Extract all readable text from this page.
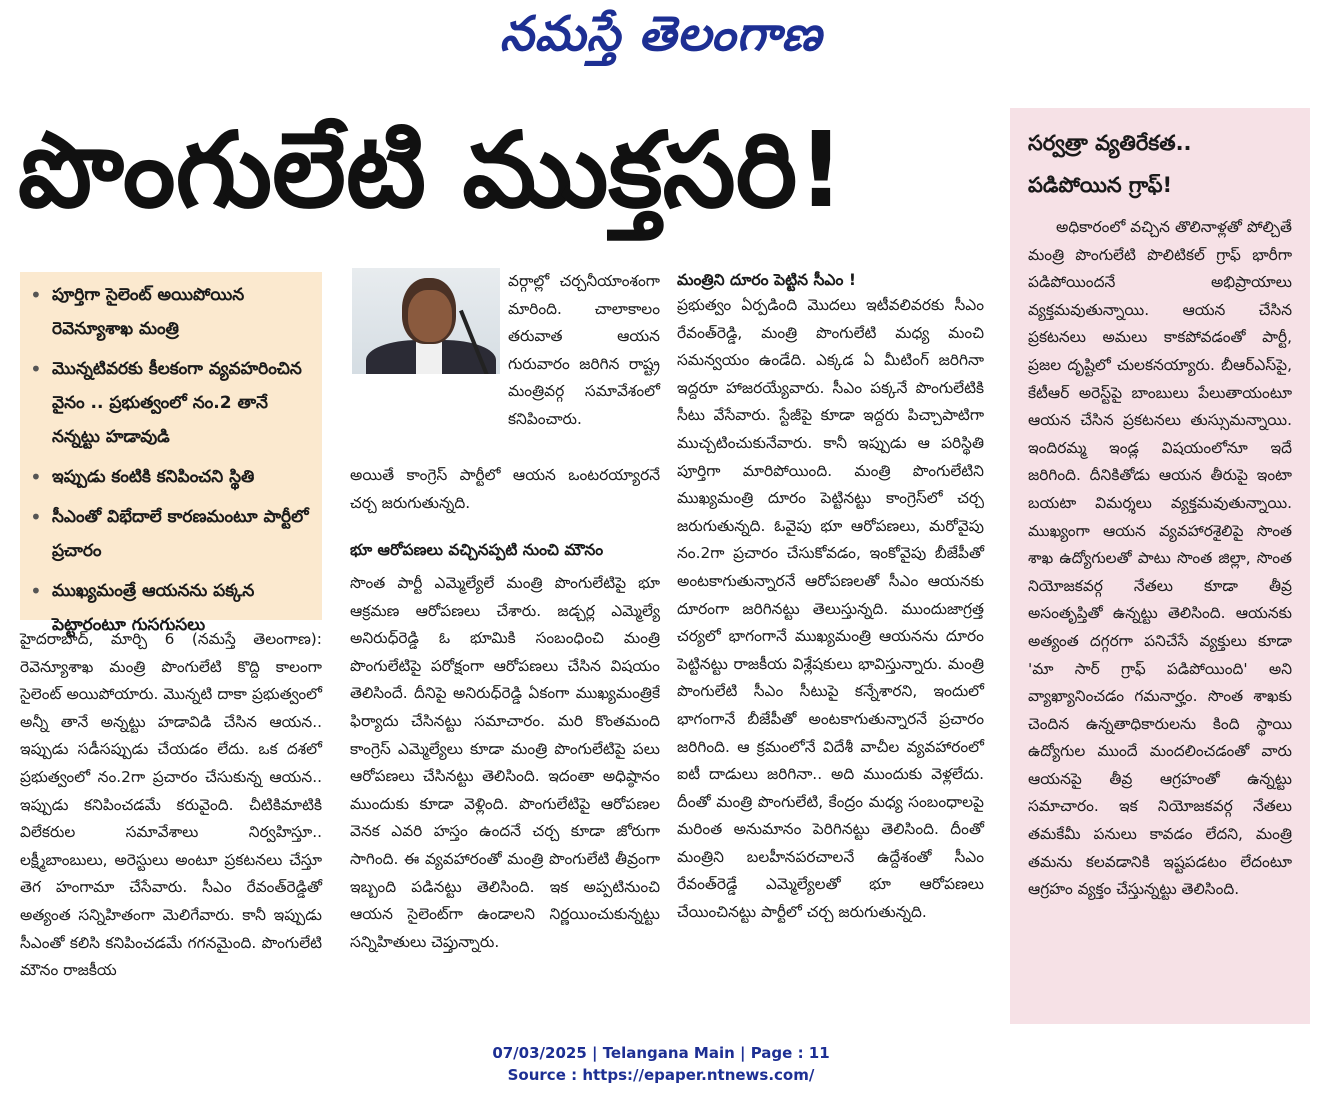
నమస్తే తెలంగాణ
పొంగులేటి ముక్తసరి!
• పూర్తిగా సైలెంట్ అయిపోయిన రెవెన్యూశాఖ మంత్రి
• మొన్నటివరకు కీలకంగా వ్యవహరించిన వైనం .. ప్రభుత్వంలో నం.2 తానే నన్నట్టు హడావుడి
• ఇప్పుడు కంటికి కనిపించని స్థితి
• సీఎంతో విభేదాలే కారణమంటూ పార్టీలో ప్రచారం
• ముఖ్యమంత్రే ఆయనను పక్కన పెట్టారంటూ గుసగుసలు

హైదరాబాద్, మార్చి 6 (నమస్తే తెలంగాణ): రెవెన్యూశాఖ మంత్రి పొంగులేటి కొద్ది కాలంగా సైలెంట్ అయిపోయారు. మొన్నటి దాకా ప్రభుత్వంలో అన్నీ తానే అన్నట్టు హడావిడి చేసిన ఆయన.. ఇప్పుడు సడీసప్పుడు చేయడం లేదు. ఒక దశలో ప్రభుత్వంలో నం.2గా ప్రచారం చేసుకున్న ఆయన.. ఇప్పుడు కనిపించడమే కరువైంది. చీటికిమాటికి విలేకరుల సమావేశాలు నిర్వహిస్తూ.. లక్ష్మీబాంబులు, అరెస్టులు అంటూ ప్రకటనలు చేస్తూ తెగ హంగామా చేసేవారు. సీఎం రేవంత్‌రెడ్డితో అత్యంత సన్నిహితంగా మెలిగేవారు. కానీ ఇప్పుడు సీఎంతో కలిసి కనిపించడమే గగనమైంది. పొంగులేటి మౌనం రాజకీయ

వర్గాల్లో చర్చనీయాంశంగా మారింది. చాలాకాలం తరువాత ఆయన గురువారం జరిగిన రాష్ట్ర మంత్రివర్గ సమావేశంలో కనిపించారు.

అయితే కాంగ్రెస్ పార్టీలో ఆయన ఒంటరయ్యారనే చర్చ జరుగుతున్నది.

భూ ఆరోపణలు వచ్చినప్పటి నుంచి మౌనం

సొంత పార్టీ ఎమ్మెల్యేలే మంత్రి పొంగులేటిపై భూ ఆక్రమణ ఆరోపణలు చేశారు. జడ్చర్ల ఎమ్మెల్యే అనిరుధ్‌రెడ్డి ఓ భూమికి సంబంధించి మంత్రి పొంగులేటిపై పరోక్షంగా ఆరోపణలు చేసిన విషయం తెలిసిందే. దీనిపై అనిరుధ్‌రెడ్డి ఏకంగా ముఖ్యమంత్రికే ఫిర్యాదు చేసినట్టు సమాచారం. మరి కొంతమంది కాంగ్రెస్ ఎమ్మెల్యేలు కూడా మంత్రి పొంగులేటిపై పలు ఆరోపణలు చేసినట్టు తెలిసింది. ఇదంతా అధిష్ఠానం ముందుకు కూడా వెళ్లింది. పొంగులేటిపై ఆరోపణల వెనక ఎవరి హస్తం ఉందనే చర్చ కూడా జోరుగా సాగింది. ఈ వ్యవహారంతో మంత్రి పొంగులేటి తీవ్రంగా ఇబ్బంది పడినట్టు తెలిసింది. ఇక అప్పటినుంచి ఆయన సైలెంట్‌గా ఉండాలని నిర్ణయించుకున్నట్టు సన్నిహితులు చెప్తున్నారు.

మంత్రిని దూరం పెట్టిన సీఎం !

ప్రభుత్వం ఏర్పడింది మొదలు ఇటీవలివరకు సీఎం రేవంత్‌రెడ్డి, మంత్రి పొంగులేటి మధ్య మంచి సమన్వయం ఉండేది. ఎక్కడ ఏ మీటింగ్ జరిగినా ఇద్దరూ హాజరయ్యేవారు. సీఎం పక్కనే పొంగులేటికి సీటు వేసేవారు. స్టేజీపై కూడా ఇద్దరు పిచ్చాపాటిగా ముచ్చటించుకునేవారు. కానీ ఇప్పుడు ఆ పరిస్థితి పూర్తిగా మారిపోయింది. మంత్రి పొంగులేటిని ముఖ్యమంత్రి దూరం పెట్టినట్టు కాంగ్రెస్‌లో చర్చ జరుగుతున్నది. ఓవైపు భూ ఆరోపణలు, మరోవైపు నం.2గా ప్రచారం చేసుకోవడం, ఇంకోవైపు బీజేపీతో అంటకాగుతున్నారనే ఆరోపణలతో సీఎం ఆయనకు దూరంగా జరిగినట్టు తెలుస్తున్నది. ముందుజాగ్రత్త చర్యలో భాగంగానే ముఖ్యమంత్రి ఆయనను దూరం పెట్టినట్టు రాజకీయ విశ్లేషకులు భావిస్తున్నారు. మంత్రి పొంగులేటి సీఎం సీటుపై కన్నేశారని, ఇందులో భాగంగానే బీజేపీతో అంటకాగుతున్నారనే ప్రచారం జరిగింది. ఆ క్రమంలోనే విదేశీ వాచీల వ్యవహారంలో ఐటీ దాడులు జరిగినా.. అది ముందుకు వెళ్లలేదు. దీంతో మంత్రి పొంగులేటి, కేంద్రం మధ్య సంబంధాలపై మరింత అనుమానం పెరిగినట్టు తెలిసింది. దీంతో మంత్రిని బలహీనపరచాలనే ఉద్దేశంతో సీఎం రేవంత్‌రెడ్డే ఎమ్మెల్యేలతో భూ ఆరోపణలు చేయించినట్టు పార్టీలో చర్చ జరుగుతున్నది.

సర్వత్రా వ్యతిరేకత..
పడిపోయిన గ్రాఫ్!

అధికారంలో వచ్చిన తొలినాళ్లతో పోల్చితే మంత్రి పొంగులేటి పొలిటికల్ గ్రాఫ్ భారీగా పడిపోయిందనే అభిప్రాయాలు వ్యక్తమవుతున్నాయి. ఆయన చేసిన ప్రకటనలు అమలు కాకపోవడంతో పార్టీ, ప్రజల దృష్టిలో చులకనయ్యారు. బీఆర్‌ఎస్‌పై, కేటీఆర్ అరెస్ట్‌పై బాంబులు పేలుతాయంటూ ఆయన చేసిన ప్రకటనలు తుస్సుమన్నాయి. ఇందిరమ్మ ఇండ్ల విషయంలోనూ ఇదే జరిగింది. దీనికితోడు ఆయన తీరుపై ఇంటా బయటా విమర్శలు వ్యక్తమవుతున్నాయి. ముఖ్యంగా ఆయన వ్యవహారశైలిపై సొంత శాఖ ఉద్యోగులతో పాటు సొంత జిల్లా, సొంత నియోజకవర్గ నేతలు కూడా తీవ్ర అసంతృప్తితో ఉన్నట్టు తెలిసింది. ఆయనకు అత్యంత దగ్గరగా పనిచేసే వ్యక్తులు కూడా 'మా సార్ గ్రాఫ్ పడిపోయింది' అని వ్యాఖ్యానించడం గమనార్హం. సొంత శాఖకు చెందిన ఉన్నతాధికారులను కింది స్థాయి ఉద్యోగుల ముందే మందలించడంతో వారు ఆయనపై తీవ్ర ఆగ్రహంతో ఉన్నట్టు సమాచారం. ఇక నియోజకవర్గ నేతలు తమకేమీ పనులు కావడం లేదని, మంత్రి తమను కలవడానికి ఇష్టపడటం లేదంటూ ఆగ్రహం వ్యక్తం చేస్తున్నట్టు తెలిసింది.

07/03/2025 | Telangana Main | Page : 11
Source : https://epaper.ntnews.com/
